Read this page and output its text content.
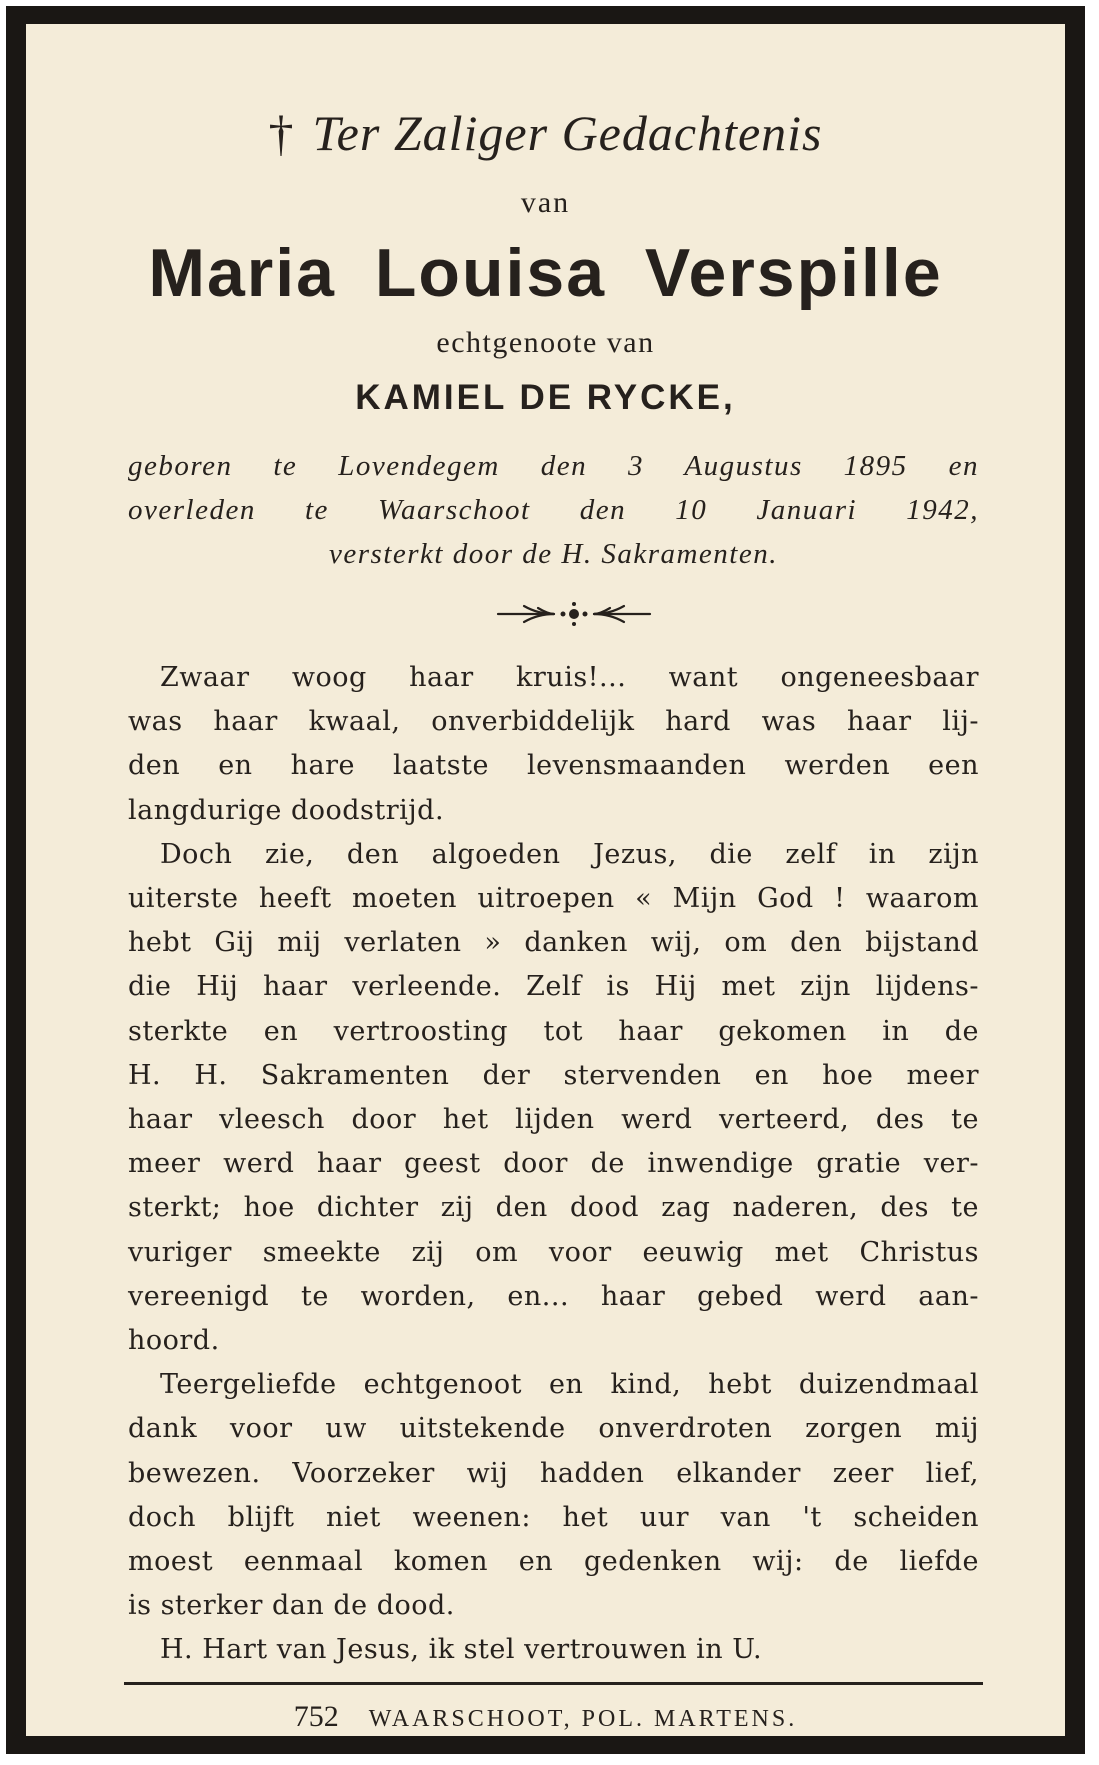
† Ter Zaliger Gedachtenis
van
Maria Louisa Verspille
echtgenoote van
KAMIEL DE RYCKE,
geboren te Lovendegem den 3 Augustus 1895 en
overleden te Waarschoot den 10 Januari 1942,
versterkt door de H. Sakramenten.
Zwaar woog haar kruis!... want ongeneesbaar
was haar kwaal, onverbiddelijk hard was haar lij-
den en hare laatste levensmaanden werden een
langdurige doodstrijd.
Doch zie, den algoeden Jezus, die zelf in zijn
uiterste heeft moeten uitroepen « Mijn God ! waarom
hebt Gij mij verlaten » danken wij, om den bijstand
die Hij haar verleende. Zelf is Hij met zijn lijdens-
sterkte en vertroosting tot haar gekomen in de
H. H. Sakramenten der stervenden en hoe meer
haar vleesch door het lijden werd verteerd, des te
meer werd haar geest door de inwendige gratie ver-
sterkt; hoe dichter zij den dood zag naderen, des te
vuriger smeekte zij om voor eeuwig met Christus
vereenigd te worden, en... haar gebed werd aan-
hoord.
Teergeliefde echtgenoot en kind, hebt duizendmaal
dank voor uw uitstekende onverdroten zorgen mij
bewezen. Voorzeker wij hadden elkander zeer lief,
doch blijft niet weenen: het uur van 't scheiden
moest eenmaal komen en gedenken wij: de liefde
is sterker dan de dood.
H. Hart van Jesus, ik stel vertrouwen in U.
752 WAARSCHOOT, POL. MARTENS.
